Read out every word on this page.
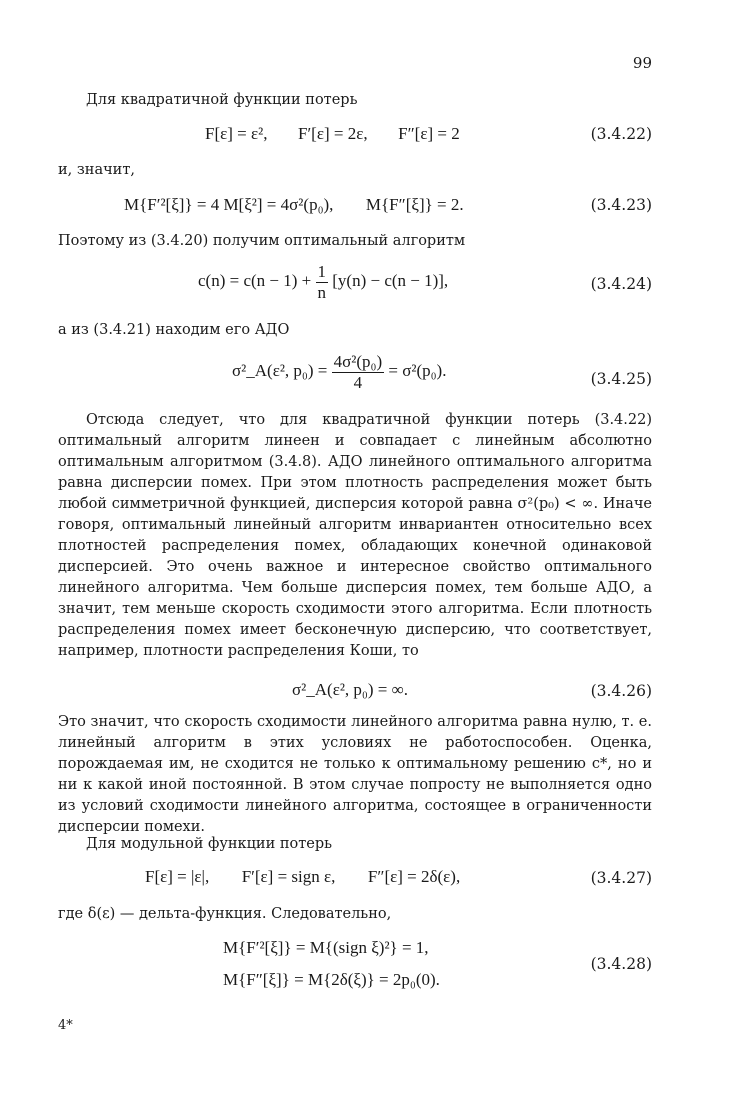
99

Для квадратичной функции потерь

F[ε] = ε², F′[ε] = 2ε, F″[ε] = 2	(3.4.22)

и, значит,

M{F′²[ξ]} = 4 M[ξ²] = 4σ²(p₀), M{F″[ξ]} = 2.	(3.4.23)

Поэтому из (3.4.20) получим оптимальный алгоритм

$c(n) = c(n - 1) + \frac{1}{n} [y(n) - c(n - 1)]$,	(3.4.24)

а из (3.4.21) находим его АДО

σ²_A(ε², $p_0) = \frac{\text{4σ²(p₀)}}{4} = \sigma^2(p_0)$.	(3.4.25)

Отсюда следует, что для квадратичной функции потерь (3.4.22) оптимальный алгоритм линеен и совпадает с линейным абсолютно оптимальным алгоритмом (3.4.8). АДО линейного оптимального алгоритма равна дисперсии помех. При этом плотность распределения может быть любой симметричной функцией, дисперсия которой равна σ²(p₀) < ∞. Иначе говоря, оптимальный линейный алгоритм инвариантен относительно всех плотностей распределения помех, обладающих конечной одинаковой дисперсией. Это очень важное и интересное свойство оптимального линейного алгоритма. Чем больше дисперсия помех, тем больше АДО, а значит, тем меньше скорость сходимости этого алгоритма. Если плотность распределения помех имеет бесконечную дисперсию, что соответствует, например, плотности распределения Коши, то

σ²_A(ε², p₀) = ∞.	(3.4.26)

Это значит, что скорость сходимости линейного алгоритма равна нулю, т. е. линейный алгоритм в этих условиях не работоспособен. Оценка, порождаемая им, не сходится не только к оптимальному решению c*, но и ни к какой иной постоянной. В этом случае попросту не выполняется одно из условий сходимости линейного алгоритма, состоящее в ограниченности дисперсии помехи.

Для модульной функции потерь

F[ε] = |ε|, F′[ε] = sign ε, F″[ε] = 2δ(ε),	(3.4.27)

где δ(ε) — дельта-функция. Следовательно,

M{F′²[ξ]} = M{(sign ξ)²} = 1,
M{F″[ξ]} = M{2δ(ξ)} = 2p₀(0).
(3.4.28)
4*
